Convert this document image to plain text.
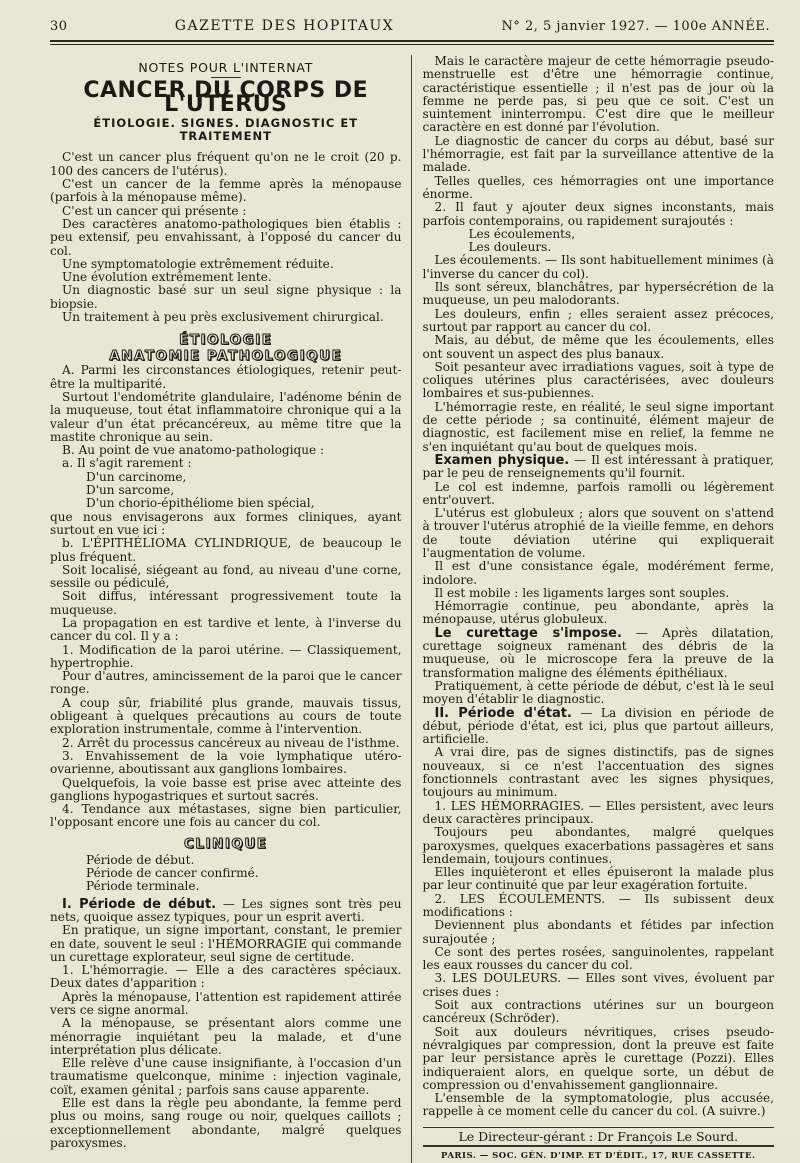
30	GAZETTE DES HOPITAUX	N° 2, 5 janvier 1927. — 100e ANNÉE.
NOTES POUR L'INTERNAT
CANCER DU CORPS DE L'UTÉRUS
ÉTIOLOGIE. SIGNES. DIAGNOSTIC ET TRAITEMENT

C'est un cancer plus fréquent qu'on ne le croit (20 p. 100 des cancers de l'utérus).

C'est un cancer de la femme après la ménopause (parfois à la ménopause même).

C'est un cancer qui présente :

Des caractères anatomo-pathologiques bien établis : peu extensif, peu envahissant, à l'opposé du cancer du col.

Une symptomatologie extrêmement réduite.

Une évolution extrêmement lente.

Un diagnostic basé sur un seul signe physique : la biopsie.

Un traitement à peu près exclusivement chirurgical.

ÉTIOLOGIE
ANATOMIE PATHOLOGIQUE

A. Parmi les circonstances étiologiques, retenir peut-être la multiparité.

Surtout l'endométrite glandulaire, l'adénome bénin de la muqueuse, tout état inflammatoire chronique qui a la valeur d'un état précancéreux, au même titre que la mastite chronique au sein.

B. Au point de vue anatomo-pathologique :

a. Il s'agit rarement :

D'un carcinome,

D'un sarcome,

D'un chorio-épithéliome bien spécial,

que nous envisagerons aux formes cliniques, ayant surtout en vue ici :

b. L'ÉPITHÉLIOMA CYLINDRIQUE, de beaucoup le plus fréquent.

Soit localisé, siégeant au fond, au niveau d'une corne, sessile ou pédiculé,

Soit diffus, intéressant progressivement toute la muqueuse.

La propagation en est tardive et lente, à l'inverse du cancer du col. Il y a :

1. Modification de la paroi utérine. — Classiquement, hypertrophie.

Pour d'autres, amincissement de la paroi que le cancer ronge.

A coup sûr, friabilité plus grande, mauvais tissus, obligeant à quelques précautions au cours de toute exploration instrumentale, comme à l'intervention.

2. Arrêt du processus cancéreux au niveau de l'isthme.

3. Envahissement de la voie lymphatique utéro-ovarienne, aboutissant aux ganglions lombaires.

Quelquefois, la voie basse est prise avec atteinte des ganglions hypogastriques et surtout sacrés.

4. Tendance aux métastases, signe bien particulier, l'opposant encore une fois au cancer du col.

CLINIQUE

Période de début.

Période de cancer confirmé.

Période terminale.

I. Période de début. — Les signes sont très peu nets, quoique assez typiques, pour un esprit averti.

En pratique, un signe important, constant, le premier en date, souvent le seul : l'HÉMORRAGIE qui commande un curettage explorateur, seul signe de certitude.

1. L'hémorragie. — Elle a des caractères spéciaux. Deux dates d'apparition :

Après la ménopause, l'attention est rapidement attirée vers ce signe anormal.

A la ménopause, se présentant alors comme une ménorragie inquiétant peu la malade, et d'une interprétation plus délicate.

Elle relève d'une cause insignifiante, à l'occasion d'un traumatisme quelconque, minime : injection vaginale, coït, examen génital ; parfois sans cause apparente.

Elle est dans la règle peu abondante, la femme perd plus ou moins, sang rouge ou noir, quelques caillots ; exceptionnellement abondante, malgré quelques paroxysmes.

Mais le caractère majeur de cette hémorragie pseudo-menstruelle est d'être une hémorragie continue, caractéristique essentielle ; il n'est pas de jour où la femme ne perde pas, si peu que ce soit. C'est un suintement ininterrompu. C'est dire que le meilleur caractère en est donné par l'évolution.

Le diagnostic de cancer du corps au début, basé sur l'hémorragie, est fait par la surveillance attentive de la malade.

Telles quelles, ces hémorragies ont une importance énorme.

2. Il faut y ajouter deux signes inconstants, mais parfois contemporains, ou rapidement surajoutés :

Les écoulements,

Les douleurs.

Les écoulements. — Ils sont habituellement minimes (à l'inverse du cancer du col).

Ils sont séreux, blanchâtres, par hypersécrétion de la muqueuse, un peu malodorants.

Les douleurs, enfin ; elles seraient assez précoces, surtout par rapport au cancer du col.

Mais, au début, de même que les écoulements, elles ont souvent un aspect des plus banaux.

Soit pesanteur avec irradiations vagues, soit à type de coliques utérines plus caractérisées, avec douleurs lombaires et sus-pubiennes.

L'hémorragie reste, en réalité, le seul signe important de cette période ; sa continuité, élément majeur de diagnostic, est facilement mise en relief, la femme ne s'en inquiétant qu'au bout de quelques mois.

Examen physique. — Il est intéressant à pratiquer, par le peu de renseignements qu'il fournit.

Le col est indemne, parfois ramolli ou légèrement entr'ouvert.

L'utérus est globuleux ; alors que souvent on s'attend à trouver l'utérus atrophié de la vieille femme, en dehors de toute déviation utérine qui expliquerait l'augmentation de volume.

Il est d'une consistance égale, modérément ferme, indolore.

Il est mobile : les ligaments larges sont souples.

Hémorragie continue, peu abondante, après la ménopause, utérus globuleux.

Le curettage s'impose. — Après dilatation, curettage soigneux ramenant des débris de la muqueuse, où le microscope fera la preuve de la transformation maligne des éléments épithéliaux.

Pratiquement, à cette période de début, c'est là le seul moyen d'établir le diagnostic.

II. Période d'état. — La division en période de début, période d'état, est ici, plus que partout ailleurs, artificielle.

A vrai dire, pas de signes distinctifs, pas de signes nouveaux, si ce n'est l'accentuation des signes fonctionnels contrastant avec les signes physiques, toujours au minimum.

1. LES HÉMORRAGIES. — Elles persistent, avec leurs deux caractères principaux.

Toujours peu abondantes, malgré quelques paroxysmes, quelques exacerbations passagères et sans lendemain, toujours continues.

Elles inquièteront et elles épuiseront la malade plus par leur continuité que par leur exagération fortuite.

2. LES ÉCOULEMENTS. — Ils subissent deux modifications :

Deviennent plus abondants et fétides par infection surajoutée ;

Ce sont des pertes rosées, sanguinolentes, rappelant les eaux rousses du cancer du col.

3. LES DOULEURS. — Elles sont vives, évoluent par crises dues :

Soit aux contractions utérines sur un bourgeon cancéreux (Schröder).

Soit aux douleurs névritiques, crises pseudo-névralgiques par compression, dont la preuve est faite par leur persistance après le curettage (Pozzi). Elles indiqueraient alors, en quelque sorte, un début de compression ou d'envahissement ganglionnaire.

L'ensemble de la symptomatologie, plus accusée, rappelle à ce moment celle du cancer du col. (A suivre.)

Le Directeur-gérant : Dr François Le Sourd.
PARIS. — SOC. GÉN. D'IMP. ET D'ÉDIT., 17, RUE CASSETTE.
